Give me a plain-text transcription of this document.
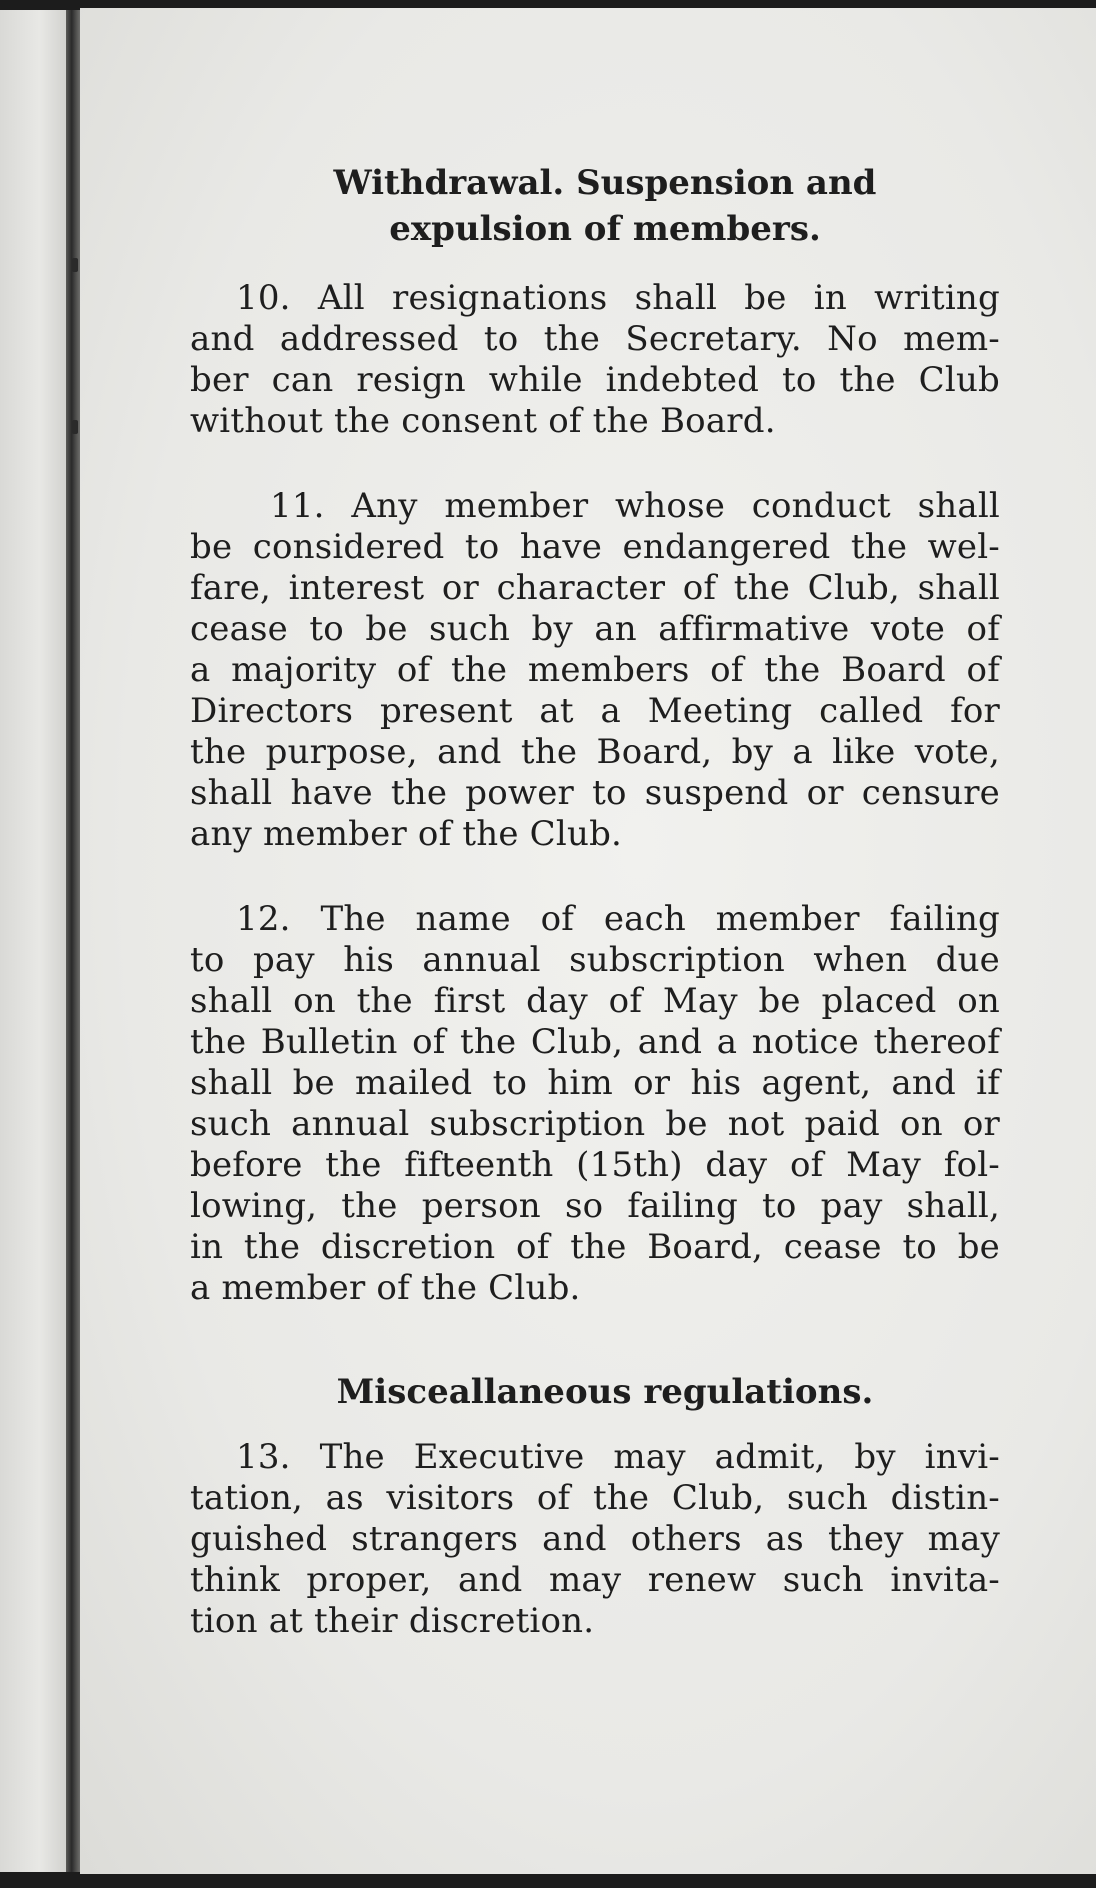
Withdrawal. Suspension and
expulsion of members.
10. All resignations shall be in writing
and addressed to the Secretary. No mem-
ber can resign while indebted to the Club
without the consent of the Board.
11. Any member whose conduct shall
be considered to have endangered the wel-
fare, interest or character of the Club, shall
cease to be such by an affirmative vote of
a majority of the members of the Board of
Directors present at a Meeting called for
the purpose, and the Board, by a like vote,
shall have the power to suspend or censure
any member of the Club.
12. The name of each member failing
to pay his annual subscription when due
shall on the first day of May be placed on
the Bulletin of the Club, and a notice thereof
shall be mailed to him or his agent, and if
such annual subscription be not paid on or
before the fifteenth (15th) day of May fol-
lowing, the person so failing to pay shall,
in the discretion of the Board, cease to be
a member of the Club.
Misceallaneous regulations.
13. The Executive may admit, by invi-
tation, as visitors of the Club, such distin-
guished strangers and others as they may
think proper, and may renew such invita-
tion at their discretion.
